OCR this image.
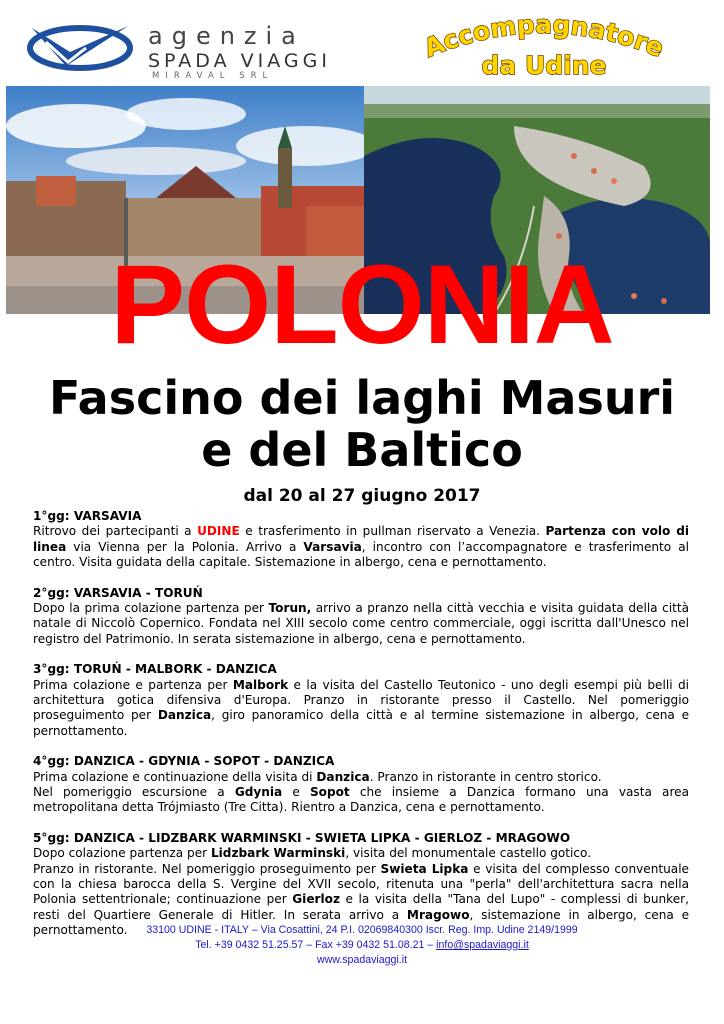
agenzia
SPADA VIAGGI
MIRAVAL SRL
Accompagnatore
da Udine
POLONIA
Fascino dei laghi Masuri
e del Baltico
dal 20 al 27 giugno 2017
1°gg: VARSAVIA
Ritrovo dei partecipanti a UDINE e trasferimento in pullman riservato a Venezia. Partenza con volo di linea via Vienna per la Polonia. Arrivo a Varsavia, incontro con l’accompagnatore e trasferimento al centro. Visita guidata della capitale. Sistemazione in albergo, cena e pernottamento.
2°gg: VARSAVIA - TORUŃ
Dopo la prima colazione partenza per Torun, arrivo a pranzo nella città vecchia e visita guidata della città natale di Niccolò Copernico. Fondata nel XIII secolo come centro commerciale, oggi iscritta dall'Unesco nel registro del Patrimonio. In serata sistemazione in albergo, cena e pernottamento.
3°gg: TORUŃ - MALBORK - DANZICA
Prima colazione e partenza per Malbork e la visita del Castello Teutonico - uno degli esempi più belli di architettura gotica difensiva d'Europa. Pranzo in ristorante presso il Castello. Nel pomeriggio proseguimento per Danzica, giro panoramico della città e al termine sistemazione in albergo, cena e pernottamento.
4°gg: DANZICA - GDYNIA - SOPOT - DANZICA
Prima colazione e continuazione della visita di Danzica. Pranzo in ristorante in centro storico.
Nel pomeriggio escursione a Gdynia e Sopot che insieme a Danzica formano una vasta area metropolitana detta Trójmiasto (Tre Citta). Rientro a Danzica, cena e pernottamento.
5°gg: DANZICA - LIDZBARK WARMINSKI - SWIETA LIPKA - GIERLOZ - MRAGOWO
Dopo colazione partenza per Lidzbark Warminski, visita del monumentale castello gotico.
Pranzo in ristorante. Nel pomeriggio proseguimento per Swieta Lipka e visita del complesso conventuale con la chiesa barocca della S. Vergine del XVII secolo, ritenuta una "perla" dell'architettura sacra nella Polonia settentrionale; continuazione per Gierloz e la visita della "Tana del Lupo" - complessi di bunker, resti del Quartiere Generale di Hitler. In serata arrivo a Mragowo, sistemazione in albergo, cena e pernottamento.	33100 UDINE - ITALY – Via Cosattini, 24 P.I. 02069840300 Iscr. Reg. Imp. Udine 2149/1999
Tel. +39 0432 51.25.57 – Fax +39 0432 51.08.21 – info@spadaviaggi.it
www.spadaviaggi.it
